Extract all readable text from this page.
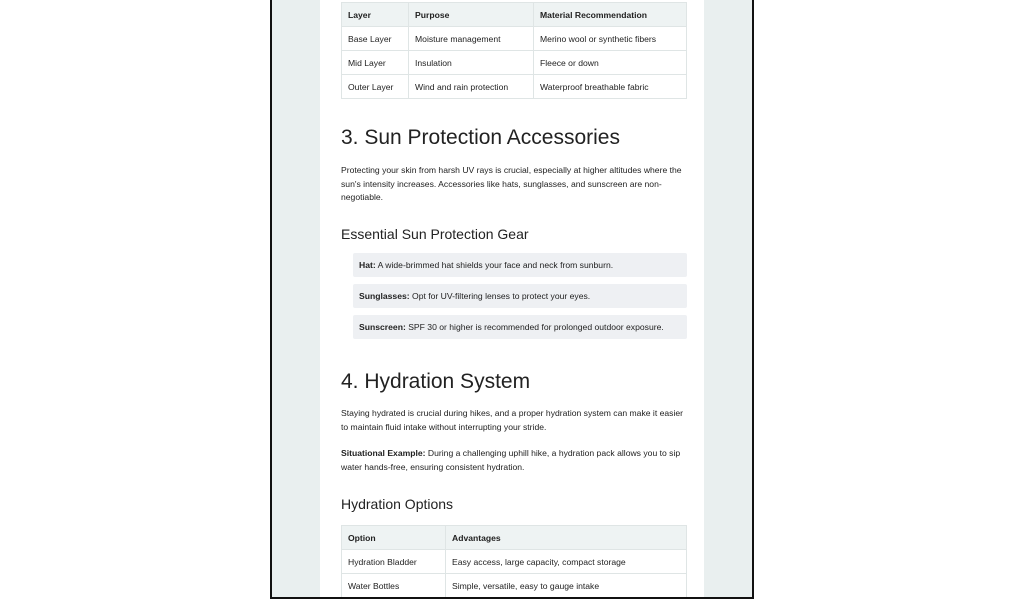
Layer	Purpose	Material Recommendation
Base Layer	Moisture management	Merino wool or synthetic fibers
Mid Layer	Insulation	Fleece or down
Outer Layer	Wind and rain protection	Waterproof breathable fabric
3. Sun Protection Accessories

Protecting your skin from harsh UV rays is crucial, especially at higher altitudes where the sun's intensity increases. Accessories like hats, sunglasses, and sunscreen are non-negotiable.

Essential Sun Protection Gear
Hat: A wide-brimmed hat shields your face and neck from sunburn.
Sunglasses: Opt for UV-filtering lenses to protect your eyes.
Sunscreen: SPF 30 or higher is recommended for prolonged outdoor exposure.
4. Hydration System

Staying hydrated is crucial during hikes, and a proper hydration system can make it easier to maintain fluid intake without interrupting your stride.

Situational Example: During a challenging uphill hike, a hydration pack allows you to sip water hands-free, ensuring consistent hydration.

Hydration Options
Option	Advantages
Hydration Bladder	Easy access, large capacity, compact storage
Water Bottles	Simple, versatile, easy to gauge intake
